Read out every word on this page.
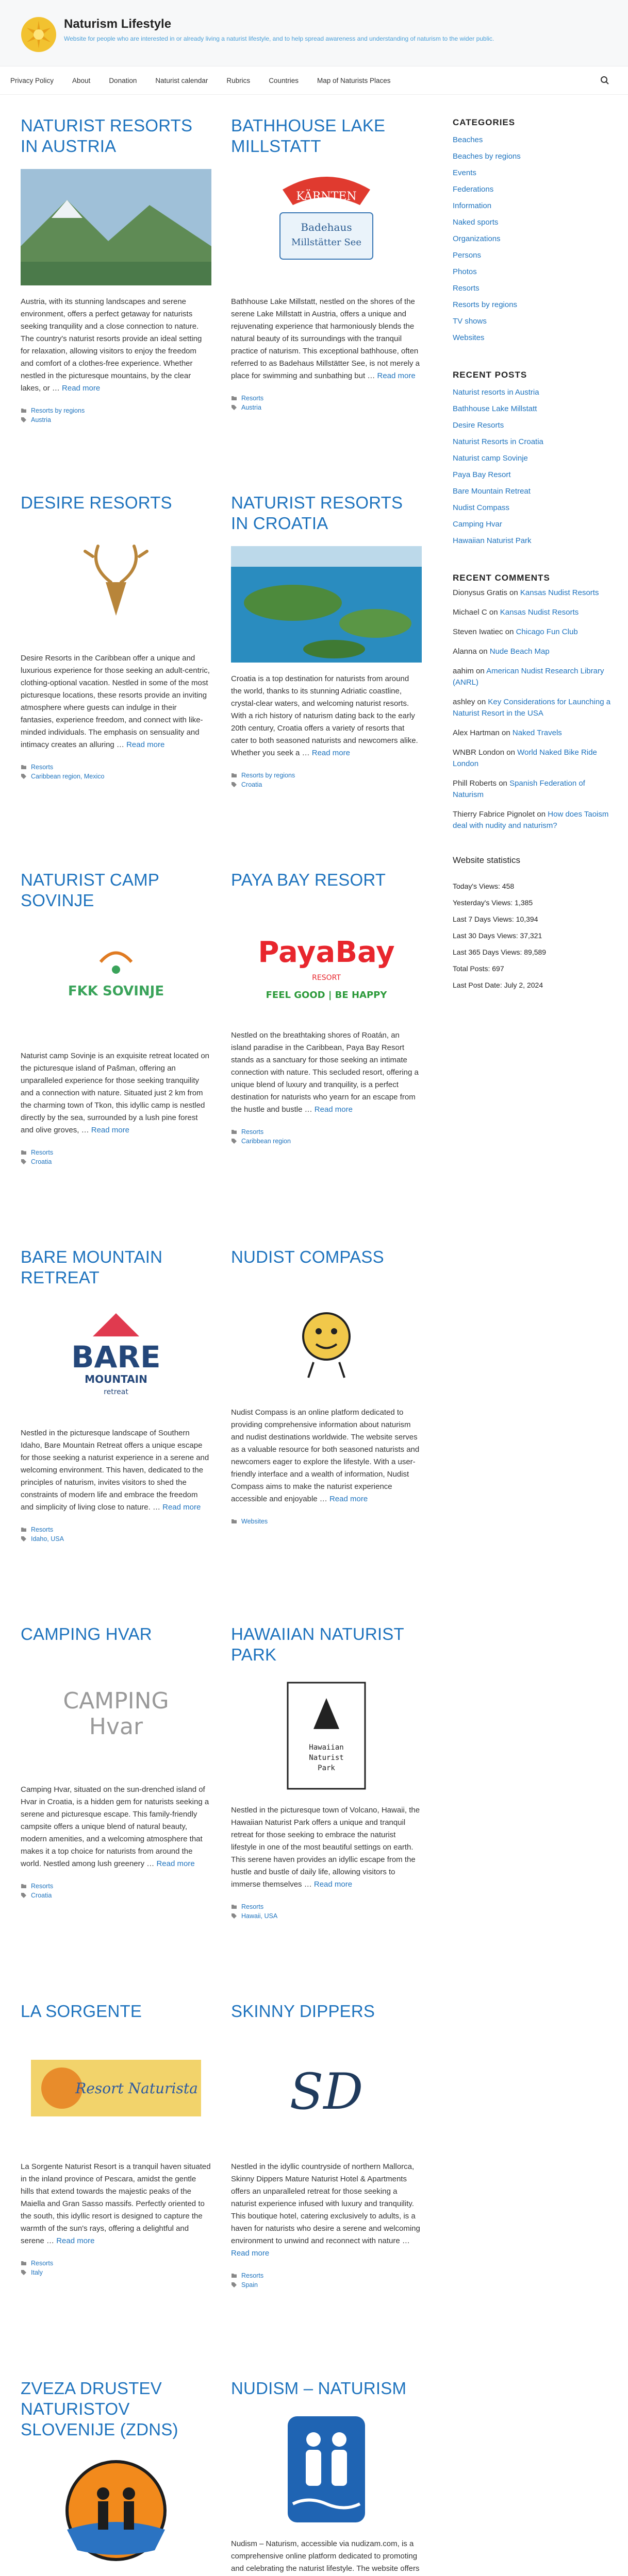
Naturism Lifestyle
Website for people who are interested in or already living a naturist lifestyle, and to help spread awareness and understanding of naturism to the wider public.
Privacy Policy	About	Donation	Naturist calendar	Rubrics	Countries	Map of Naturists Places
NATURIST RESORTS IN AUSTRIA

Austria, with its stunning landscapes and serene environment, offers a perfect getaway for naturists seeking tranquility and a close connection to nature. The country's naturist resorts provide an ideal setting for relaxation, allowing visitors to enjoy the freedom and comfort of a clothes-free experience. Whether nestled in the picturesque mountains, by the clear lakes, or … Read more

Resorts by regions
Austria
BATHHOUSE LAKE MILLSTATT
KÄRNTEN
Badehaus
Millstätter See

Bathhouse Lake Millstatt, nestled on the shores of the serene Lake Millstatt in Austria, offers a unique and rejuvenating experience that harmoniously blends the natural beauty of its surroundings with the tranquil practice of naturism. This exceptional bathhouse, often referred to as Badehaus Millstätter See, is not merely a place for swimming and sunbathing but … Read more

Resorts
Austria
DESIRE RESORTS

Desire Resorts in the Caribbean offer a unique and luxurious experience for those seeking an adult-centric, clothing-optional vacation. Nestled in some of the most picturesque locations, these resorts provide an inviting atmosphere where guests can indulge in their fantasies, experience freedom, and connect with like-minded individuals. The emphasis on sensuality and intimacy creates an alluring … Read more

Resorts
Caribbean region, Mexico
NATURIST RESORTS IN CROATIA

Croatia is a top destination for naturists from around the world, thanks to its stunning Adriatic coastline, crystal-clear waters, and welcoming naturist resorts. With a rich history of naturism dating back to the early 20th century, Croatia offers a variety of resorts that cater to both seasoned naturists and newcomers alike. Whether you seek a … Read more

Resorts by regions
Croatia
NATURIST CAMP SOVINJE
FKK SOVINJE

Naturist camp Sovinje is an exquisite retreat located on the picturesque island of Pašman, offering an unparalleled experience for those seeking tranquility and a connection with nature. Situated just 2 km from the charming town of Tkon, this idyllic camp is nestled directly by the sea, surrounded by a lush pine forest and olive groves, … Read more

Resorts
Croatia
PAYA BAY RESORT
PayaBay
RESORT
FEEL GOOD | BE HAPPY

Nestled on the breathtaking shores of Roatán, an island paradise in the Caribbean, Paya Bay Resort stands as a sanctuary for those seeking an intimate connection with nature. This secluded resort, offering a unique blend of luxury and tranquility, is a perfect destination for naturists who yearn for an escape from the hustle and bustle … Read more

Resorts
Caribbean region
BARE MOUNTAIN RETREAT
BARE
MOUNTAIN
retreat

Nestled in the picturesque landscape of Southern Idaho, Bare Mountain Retreat offers a unique escape for those seeking a naturist experience in a serene and welcoming environment. This haven, dedicated to the principles of naturism, invites visitors to shed the constraints of modern life and embrace the freedom and simplicity of living close to nature. … Read more

Resorts
Idaho, USA
NUDIST COMPASS

Nudist Compass is an online platform dedicated to providing comprehensive information about naturism and nudist destinations worldwide. The website serves as a valuable resource for both seasoned naturists and newcomers eager to explore the lifestyle. With a user-friendly interface and a wealth of information, Nudist Compass aims to make the naturist experience accessible and enjoyable … Read more

Websites
CAMPING HVAR
CAMPING
Hvar

Camping Hvar, situated on the sun-drenched island of Hvar in Croatia, is a hidden gem for naturists seeking a serene and picturesque escape. This family-friendly campsite offers a unique blend of natural beauty, modern amenities, and a welcoming atmosphere that makes it a top choice for naturists from around the world. Nestled among lush greenery … Read more

Resorts
Croatia
HAWAIIAN NATURIST PARK
Hawaiian
Naturist
Park

Nestled in the picturesque town of Volcano, Hawaii, the Hawaiian Naturist Park offers a unique and tranquil retreat for those seeking to embrace the naturist lifestyle in one of the most beautiful settings on earth. This serene haven provides an idyllic escape from the hustle and bustle of daily life, allowing visitors to immerse themselves … Read more

Resorts
Hawaii, USA
LA SORGENTE
Resort Naturista

La Sorgente Naturist Resort is a tranquil haven situated in the inland province of Pescara, amidst the gentle hills that extend towards the majestic peaks of the Maiella and Gran Sasso massifs. Perfectly oriented to the south, this idyllic resort is designed to capture the warmth of the sun's rays, offering a delightful and serene … Read more

Resorts
Italy
SKINNY DIPPERS
SD

Nestled in the idyllic countryside of northern Mallorca, Skinny Dippers Mature Naturist Hotel & Apartments offers an unparalleled retreat for those seeking a naturist experience infused with luxury and tranquility. This boutique hotel, catering exclusively to adults, is a haven for naturists who desire a serene and welcoming environment to unwind and reconnect with nature … Read more

Resorts
Spain
ZVEZA DRUSTEV NATURISTOV SLOVENIJE (ZDNS)

NUDISM – NATURISM

Nudism – Naturism, accessible via nudizam.com, is a comprehensive online platform dedicated to promoting and celebrating the naturist lifestyle. The website offers

CATEGORIES
Beaches
Beaches by regions
Events
Federations
Information
Naked sports
Organizations
Persons
Photos
Resorts
Resorts by regions
TV shows
Websites
RECENT POSTS
Naturist resorts in Austria
Bathhouse Lake Millstatt
Desire Resorts
Naturist Resorts in Croatia
Naturist camp Sovinje
Paya Bay Resort
Bare Mountain Retreat
Nudist Compass
Camping Hvar
Hawaiian Naturist Park
RECENT COMMENTS
Dionysus Gratis on Kansas Nudist Resorts
Michael C on Kansas Nudist Resorts
Steven Iwatiec on Chicago Fun Club
Alanna on Nude Beach Map
aahim on American Nudist Research Library (ANRL)
ashley on Key Considerations for Launching a Naturist Resort in the USA
Alex Hartman on Naked Travels
WNBR London on World Naked Bike Ride London
Phill Roberts on Spanish Federation of Naturism
Thierry Fabrice Pignolet on How does Taoism deal with nudity and naturism?
Website statistics
Today's Views: 458
Yesterday's Views: 1,385
Last 7 Days Views: 10,394
Last 30 Days Views: 37,321
Last 365 Days Views: 89,589
Total Posts: 697
Last Post Date: July 2, 2024
